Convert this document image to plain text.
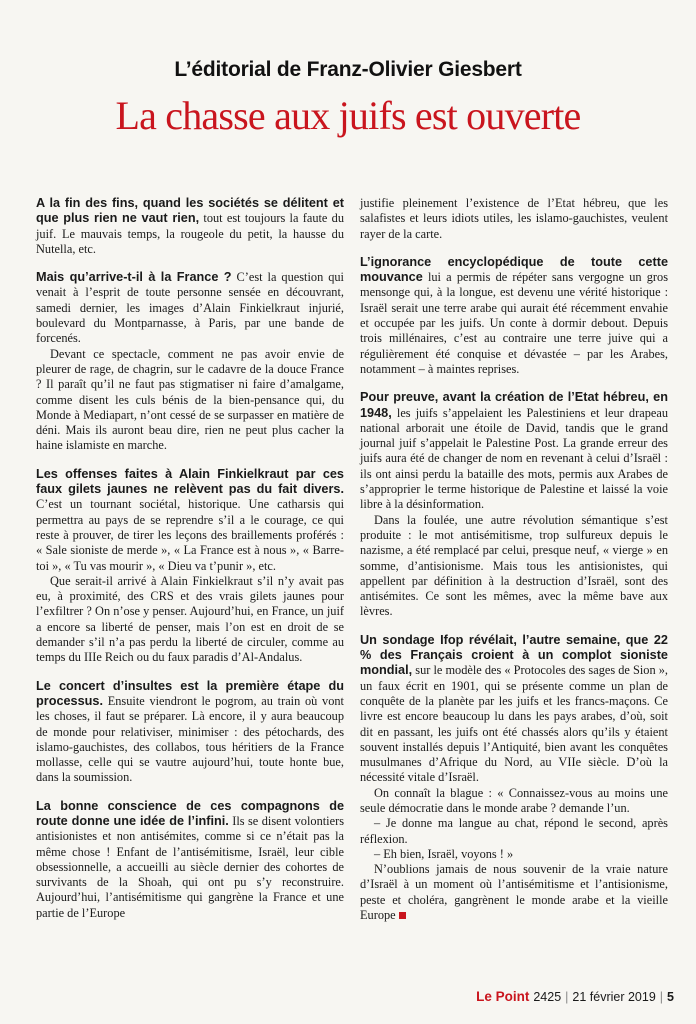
L’éditorial de Franz-Olivier Giesbert
La chasse aux juifs est ouverte

A la fin des fins, quand les sociétés se délitent et que plus rien ne vaut rien, tout est toujours la faute du juif. Le mauvais temps, la rougeole du petit, la hausse du Nutella, etc.

Mais qu’arrive-t-il à la France ? C’est la question qui venait à l’esprit de toute personne sensée en découvrant, samedi dernier, les images d’Alain Finkielkraut injurié, boulevard du Montparnasse, à Paris, par une bande de forcenés.

Devant ce spectacle, comment ne pas avoir envie de pleurer de rage, de chagrin, sur le cadavre de la douce France ? Il paraît qu’il ne faut pas stigmatiser ni faire d’amalgame, comme disent les culs bénis de la bien-pensance qui, du Monde à Mediapart, n’ont cessé de se surpasser en matière de déni. Mais ils auront beau dire, rien ne peut plus cacher la haine islamiste en marche.

Les offenses faites à Alain Finkielkraut par ces faux gilets jaunes ne relèvent pas du fait divers. C’est un tournant sociétal, historique. Une catharsis qui permettra au pays de se reprendre s’il a le courage, ce qui reste à prouver, de tirer les leçons des braillements proférés : « Sale sioniste de merde », « La France est à nous », « Barre-toi », « Tu vas mourir », « Dieu va t’punir », etc.

Que serait-il arrivé à Alain Finkielkraut s’il n’y avait pas eu, à proximité, des CRS et des vrais gilets jaunes pour l’exfiltrer ? On n’ose y penser. Aujourd’hui, en France, un juif a encore sa liberté de penser, mais l’on est en droit de se demander s’il n’a pas perdu la liberté de circuler, comme au temps du IIIe Reich ou du faux paradis d’Al-Andalus.

Le concert d’insultes est la première étape du processus. Ensuite viendront le pogrom, au train où vont les choses, il faut se préparer. Là encore, il y aura beaucoup de monde pour relativiser, minimiser : des pétochards, des islamo-gauchistes, des collabos, tous héritiers de la France mollasse, celle qui se vautre aujourd’hui, toute honte bue, dans la soumission.

La bonne conscience de ces compagnons de route donne une idée de l’infini. Ils se disent volontiers antisionistes et non antisémites, comme si ce n’était pas la même chose ! Enfant de l’antisémitisme, Israël, leur cible obsessionnelle, a accueilli au siècle dernier des cohortes de survivants de la Shoah, qui ont pu s’y reconstruire. Aujourd’hui, l’antisémitisme qui gangrène la France et une partie de l’Europe

justifie pleinement l’existence de l’Etat hébreu, que les salafistes et leurs idiots utiles, les islamo-gauchistes, veulent rayer de la carte.

L’ignorance encyclopédique de toute cette mouvance lui a permis de répéter sans vergogne un gros mensonge qui, à la longue, est devenu une vérité historique : Israël serait une terre arabe qui aurait été récemment envahie et occupée par les juifs. Un conte à dormir debout. Depuis trois millénaires, c’est au contraire une terre juive qui a régulièrement été conquise et dévastée – par les Arabes, notamment – à maintes reprises.

Pour preuve, avant la création de l’Etat hébreu, en 1948, les juifs s’appelaient les Palestiniens et leur drapeau national arborait une étoile de David, tandis que le grand journal juif s’appelait le Palestine Post. La grande erreur des juifs aura été de changer de nom en revenant à celui d’Israël : ils ont ainsi perdu la bataille des mots, permis aux Arabes de s’approprier le terme historique de Palestine et laissé la voie libre à la désinformation.

Dans la foulée, une autre révolution sémantique s’est produite : le mot antisémitisme, trop sulfureux depuis le nazisme, a été remplacé par celui, presque neuf, « vierge » en somme, d’antisionisme. Mais tous les antisionistes, qui appellent par définition à la destruction d’Israël, sont des antisémites. Ce sont les mêmes, avec la même bave aux lèvres.

Un sondage Ifop révélait, l’autre semaine, que 22 % des Français croient à un complot sioniste mondial, sur le modèle des « Protocoles des sages de Sion », un faux écrit en 1901, qui se présente comme un plan de conquête de la planète par les juifs et les francs-maçons. Ce livre est encore beaucoup lu dans les pays arabes, d’où, soit dit en passant, les juifs ont été chassés alors qu’ils y étaient souvent installés depuis l’Antiquité, bien avant les conquêtes musulmanes d’Afrique du Nord, au VIIe siècle. D’où la nécessité vitale d’Israël.

On connaît la blague : « Connaissez-vous au moins une seule démocratie dans le monde arabe ? demande l’un.

– Je donne ma langue au chat, répond le second, après réflexion.

– Eh bien, Israël, voyons ! »

N’oublions jamais de nous souvenir de la vraie nature d’Israël à un moment où l’antisémitisme et l’antisionisme, peste et choléra, gangrènent le monde arabe et la vieille Europe

Le Point 2425 | 21 février 2019 | 5
